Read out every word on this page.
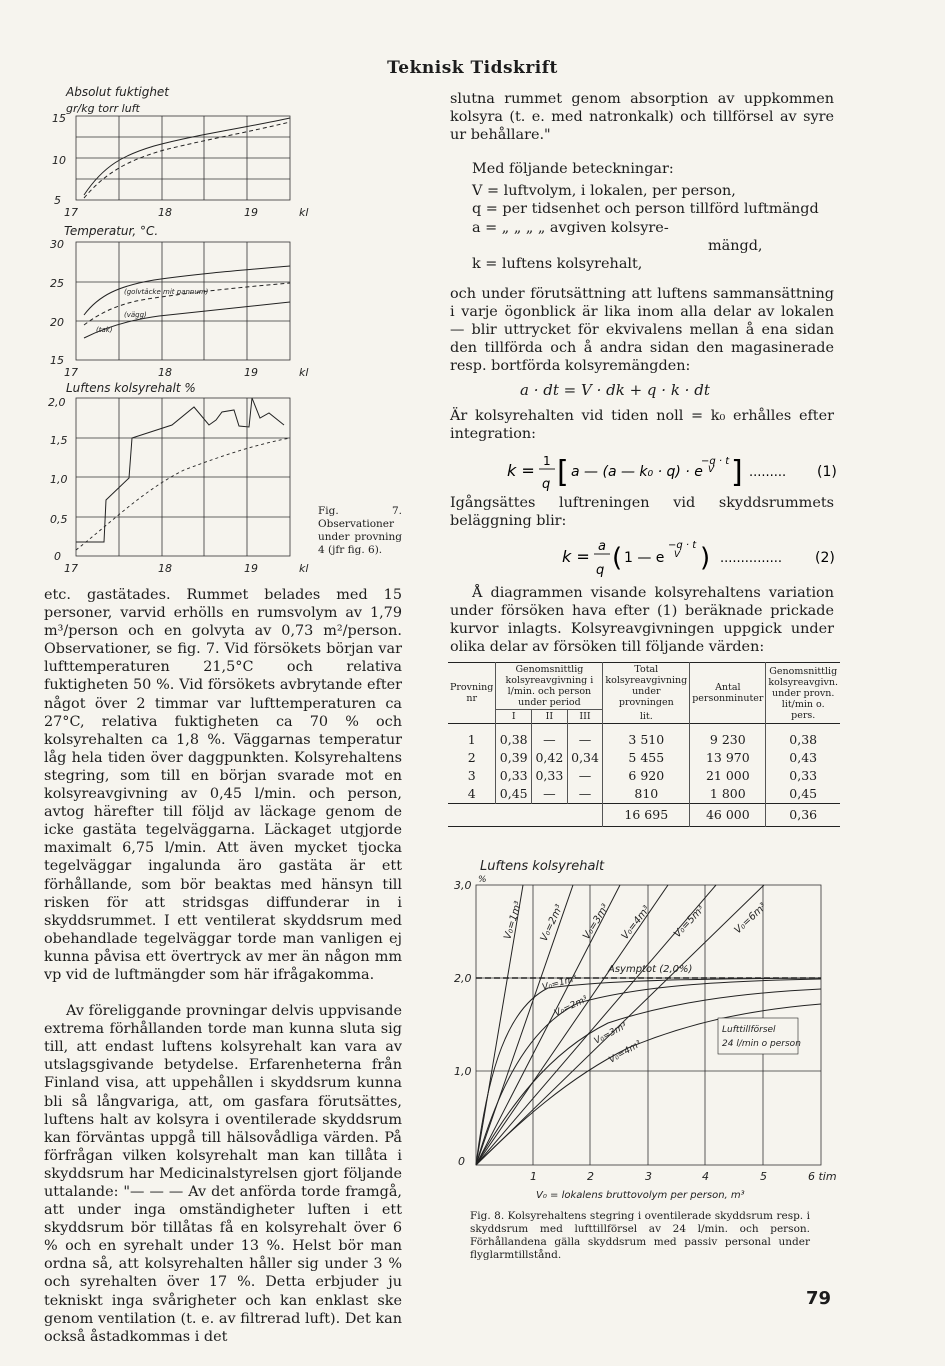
Teknisk Tidskrift
Absolut fuktighet
gr/kg torr luft
15
10
5
17	18	19	kl
Temperatur, °C.
(golvtäcke mit pannum)
(vägg)
(tak)
30
25
20
15
17	18	19	kl
Luftens kolsyrehalt %
2,0
1,5
1,0
0,5
0
17	18	19	kl
Fig. 7. Observationer under provning 4 (jfr fig. 6).

etc. gastätades. Rummet belades med 15 personer, varvid erhölls en rumsvolym av 1,79 m³/person och en golvyta av 0,73 m²/person. Observationer, se fig. 7. Vid försökets början var lufttemperaturen 21,5°C och relativa fuktigheten 50 %. Vid försökets avbrytande efter något över 2 timmar var lufttemperaturen ca 27°C, relativa fuktigheten ca 70 % och kolsyrehalten ca 1,8 %. Väggarnas temperatur låg hela tiden över daggpunkten. Kolsyrehaltens stegring, som till en början svarade mot en kolsyreavgivning av 0,45 l/min. och person, avtog härefter till följd av läckage genom de icke gastäta tegelväggarna. Läckaget utgjorde maximalt 6,75 l/min. Att även mycket tjocka tegelväggar ingalunda äro gastäta är ett förhållande, som bör beaktas med hänsyn till risken för att stridsgas diffunderar in i skyddsrummet. I ett ventilerat skyddsrum med obehandlade tegelväggar torde man vanligen ej kunna påvisa ett övertryck av mer än någon mm vp vid de luftmängder som här ifrågakomma.

Av föreliggande provningar delvis uppvisande extrema förhållanden torde man kunna sluta sig till, att endast luftens kolsyrehalt kan vara av utslagsgivande betydelse. Erfarenheterna från Finland visa, att uppehållen i skyddsrum kunna bli så långvariga, att, om gasfara förutsättes, luftens halt av kolsyra i oventilerade skyddsrum kan förväntas uppgå till hälsovådliga värden. På förfrågan vilken kolsyrehalt man kan tillåta i skyddsrum har Medicinalstyrelsen gjort följande uttalande: "— — — Av det anförda torde framgå, att under inga omständigheter luften i ett skyddsrum bör tillåtas få en kolsyrehalt över 6 % och en syrehalt under 13 %. Helst bör man ordna så, att kolsyrehalten håller sig under 3 % och syrehalten över 17 %. Detta erbjuder ju tekniskt inga svårigheter och kan enklast ske genom ventilation (t. e. av filtrerad luft). Det kan också åstadkommas i det

slutna rummet genom absorption av uppkommen kolsyra (t. e. med natronkalk) och tillförsel av syre ur behållare."

Med följande beteckningar:

V = luftvolym, i lokalen, per person,

q = per tidsenhet och person tillförd luftmängd

a = „ „ „ „ avgiven kolsyre-

mängd,

k = luftens kolsyrehalt,

och under förutsättning att luftens sammansättning i varje ögonblick är lika inom alla delar av lokalen — blir uttrycket för ekvivalens mellan å ena sidan den tillförda och å andra sidan den magasinerade resp. bortförda kolsyremängden:

a · dt = V · dk + q · k · dt
Är kolsyrehalten vid tiden noll = k₀ erhålles efter integration:
k = 1
q [ a — (a — k₀ · q) · e
−q · t
V ] ......... (1)
Igångsättes luftreningen vid skyddsrummets beläggning blir:
k =
a
q ( 1 — e
−q · t
V ) ............... (2)

Å diagrammen visande kolsyrehaltens variation under försöken hava efter (1) beräknade prickade kurvor inlagts. Kolsyreavgivningen uppgick under olika delar av försöken till följande värden:

Provning nr	Genomsnittlig kolsyreavgivning i l/min. och person under period			Total kolsyreavgivning under provningen	Antal personminuter	Genomsnittlig kolsyreavgivn. under provn. lit/min o. pers.
	I	II	III	lit.		
1	0,38	—	—	3 510	9 230	0,38
2	0,39	0,42	0,34	5 455	13 970	0,43
3	0,33	0,33	—	6 920	21 000	0,33
4	0,45	—	—	810	1 800	0,45
				16 695	46 000	0,36
Luftens kolsyrehalt
%
V₀=1m³ V₀=2m³ V₀=3m³ V₀=4m³ V₀=5m³	V₀=6m³
V₀=1m³
V₀=2m³
V₀=3m³
V₀=4m³
Asymptot (2,0%)
Lufttillförsel
24 l/min o person
3,0
2,0
1,0
0
1	2	3	4	5	6 tim
V₀ = lokalens bruttovolym per person, m³
Fig. 8. Kolsyrehaltens stegring i oventilerade skyddsrum resp. i skyddsrum med lufttillförsel av 24 l/min. och person. Förhållandena gälla skyddsrum med passiv personal under flyglarmtillstånd.
79
